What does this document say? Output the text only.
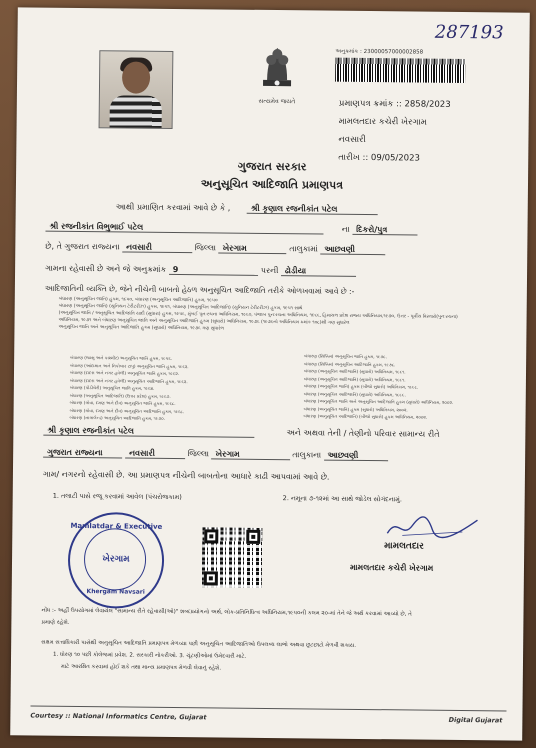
287193
સત્યમેવ જયતે
અનુક્રમાંક : 23000057000002858
પ્રમાણપત્ર ક્રમાંક :: 2858/2023
મામલતદાર કચેરી ખેરગામ
નવસારી
તારીખ :: 09/05/2023
ગુજરાત સરકાર
અનુસૂચિત આદિજાતિ પ્રમાણપત્ર
આથી પ્રમાણિત કરવામાં આવે છે કે ,	શ્રી કૃણાલ રજનીકાંત પટેલ
શ્રી રજનીકાંત વિભુભાઈ પટેલ	ના દિકરો/પુત્ર
છે, તે ગુજરાત રાજ્યના નવસારી	જિલ્લા ખેરગામ	તાલુકામાં આછવણી
ગામના રહેવાસી છે અને જે અનુક્રમાંક 9	પરની ઢોડીયા
આદિજાતિની વ્યક્તિ છે, જેને નીચેની બાબતો હેઠળ અનુસૂચિત આદિજાતિ તરીકે ઓળખવામાં આવે છે :-
બંધારણ (અનુસૂચિત જાતિ) હુકમ, ૧૯૫૦, બંધારણ (અનુસૂચિત આદિજાતિ) હુકમ, ૧૯૫૦
બંધારણ (અનુસૂચિત જાતિ) (યુનિયન ટેરીટરીઝ) હુકમ, ૧૯૫૧, બંધારણ (અનુસૂચિત આદિજાતિ) (યુનિયન ટેરીટરીઝ) હુકમ, ૧૯૫૧ સાથે
(અનુસૂચિત જાતિ / અનુસૂચિત આદિજાતિ યાદી (સુધારા) હુકમ, ૧૯૫૬, મુંબઈ પુનઃરચના અધિનિયમ, ૧૯૬૦, પંજાબ પુનઃરચના અધિનિયમ, ૧૯૬૬, હિમાચલ પ્રદેશ રાજ્ય અધિનિયમ,૧૯૭૦, ઉત્તર - પૂર્વીય વિસ્તારો(પુનઃરચના)
અધિનિયમ, ૧૯૭૧ અને બંધારણ અનુસૂચિત જાતિ અને અનુસૂચિત આદિજાતિ હુકમ (સુધારો) અધિનિયમ, ૧૯૭૬ (૧૯૭૬નો અધિનિયમ ક્રમાંક ૧૦૮)થી ગણ સુધારેલ
અનુસૂચિત જાતિ અને અનુસૂચિત આદિજાતિ હુકમ (સુધારો) અધિનિયમ, ૧૯૭૬ ગણ સુધારેલ
બંધારણ (જમ્મુ અને કાશ્મીર) અનુસૂચિત જાતિ હુકમ, ૧૯૫૬.
બંધારણ (આંદામાન અને નિકોબાર ટાપુ) અનુસૂચિત જાતિ હુકમ, ૧૯૬૨.
બંધારણ (દાદરા અને નગર હવેલી) અનુસૂચિત જાતિ હુકમ, ૧૯૬૨.
બંધારણ (દાદરા અને નગર હવેલી) અનુસૂચિત આદિજાતિ હુકમ, ૧૯૬૨.
બંધારણ (પોંડીચેરી) અનુસૂચિત જાતિ હુકમ, ૧૯૬૪.
બંધારણ (અનુસૂચિત આદિજાતિ) (ઉત્તર પ્રદેશ) હુકમ, ૧૯૬૭.
બંધારણ (ગોવા, દમણ અને દીવ) અનુસૂચિત જાતિ હુકમ, ૧૯૬૮.
બંધારણ (ગોવા, દમણ અને દીવ) અનુસૂચિત આદિજાતિ હુકમ, ૧૯૬૮.
બંધારણ (નાગાલેન્ડ) અનુસૂચિત આદિજાતિ હુકમ, ૧૯૭૦.
બંધારણ (સિક્કિમ) અનુસૂચિત જાતિ હુકમ, ૧૯૭૮.
બંધારણ (સિક્કિમ) અનુસૂચિત આદિજાતિ હુકમ, ૧૯૭૮.
બંધારણ (અનુસૂચિત આદિજાતિ) (સુધારો) અધિનિયમ, ૧૯૯૧.
બંધારણ (અનુસૂચિત આદિજાતિ) (સુધારો) અધિનિયમ, ૧૯૯૧.
બંધારણ (અનુસૂચિત જાતિ) હુકમ (બીજો સુધારો) અધિનિયમ, ૧૯૯૮.
બંધારણ (અનુસૂચિત આદિજાતિ) (સુધારો) અધિનિયમ, ૧૯૯૯.
બંધારણ (અનુસૂચિત જાતિ અને અનુસૂચિત આદિજાતિ હુકમ (સુધારો) અધિનિયમ, ૨૦૦૨.
બંધારણ (અનુસૂચિત જાતિ) હુકમ (સુધારો) અધિનિયમ, ૨૦૦૨.
બંધારણ (અનુસૂચિત આદિજાતિ) (બીજો સુધારો) હુકમ અધિનિયમ, ૨૦૦૨.
શ્રી કૃણાલ રજનીકાંત પટેલ	અને અથવા તેની / તેણીનો પરિવાર સામાન્ય રીતે
ગુજરાત રાજ્યના	નવસારી	જિલ્લા ખેરગામ	તાલુકાના આછવણી
ગામ/ નગરનો રહેવાસી છે. આ પ્રમાણપત્ર નીચેની બાબતોના આધારે કાઢી આપવામાં આવે છે.
1. તલાટી પાસે રજૂ કરવામાં આવેલ (પંચરોજકામ)	2. નમૂના ૭-૧૨માં આ સાથે જોડેલ સોગંદનામું.
Mamlatdar & Executive
ખેરગામ
Khergam Navsari
મામલતદાર
મામલતદાર કચેરી ખેરગામ
નોંધ :- અહીં ઉપયોગમાં લેવાયેલ "સામાન્ય રીતે રહેવાસી(ઓ)" શબ્દપ્રયોગનો અર્થ, લોક-પ્રતિનિધિત્વ અધિનિયમ,૧૯૫૦ની કલમ ૨૦-માં તેને જે અર્થ કરવામાં આવ્યો છે, તે
પ્રમાણે રહેશે.
સક્ષમ સત્તાધિકારી પાસેથી અનુસૂચિત આદિજાતિ પ્રમાણપત્ર મેળવ્યા પછી અનુસૂચિત આદિજાતિઓ ઉપલબ્ધ લાભો અથવા છૂટછાટો મેળવી શકાય.
1. ધોરણ ૧૦ પછી કોલેજમાં પ્રવેશ. 2. સરકારી નોકરીઓ. 3. ચૂંટણીઓમાં ઉમેદવારી માટે.
માટે આરક્ષિત કરવામાં હોઈ શકે તથા માન્ય પ્રમાણપત્ર મેળવી લેવાનું રહેશે.
Courtesy :: National Informatics Centre, Gujarat	Digital Gujarat
